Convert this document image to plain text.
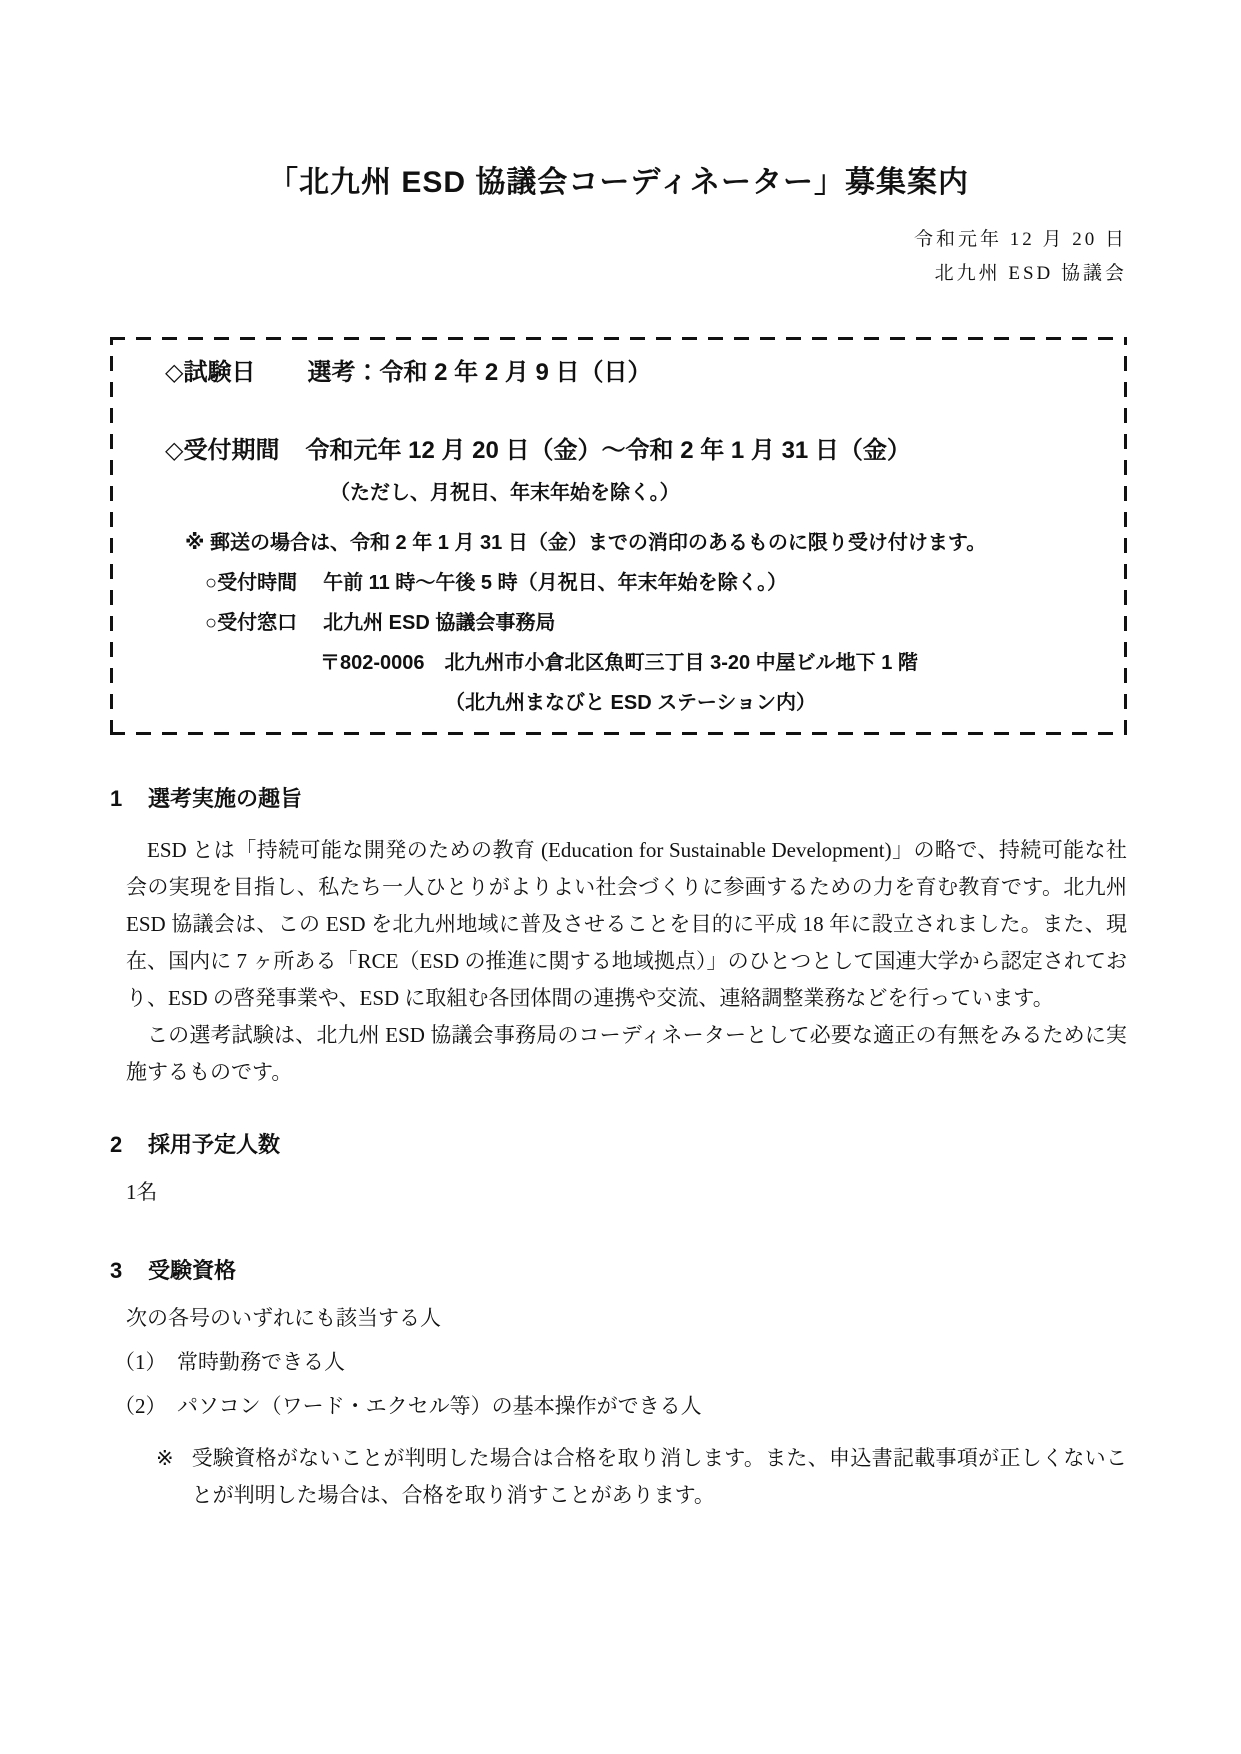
「北九州 ESD 協議会コーディネーター」募集案内
令和元年 12 月 20 日
北九州 ESD 協議会
◇試験日 選考：令和 2 年 2 月 9 日（日）
◇受付期間 令和元年 12 月 20 日（金）～令和 2 年 1 月 31 日（金）
（ただし、月祝日、年末年始を除く。）
※ 郵送の場合は、令和 2 年 1 月 31 日（金）までの消印のあるものに限り受け付けます。
○受付時間 午前 11 時～午後 5 時（月祝日、年末年始を除く。）
○受付窓口 北九州 ESD 協議会事務局
〒802-0006　北九州市小倉北区魚町三丁目 3-20 中屋ビル地下 1 階
（北九州まなびと ESD ステーション内）
1 選考実施の趣旨

ESD とは「持続可能な開発のための教育 (Education for Sustainable Development)」の略で、持続可能な社会の実現を目指し、私たち一人ひとりがよりよい社会づくりに参画するための力を育む教育です。北九州 ESD 協議会は、この ESD を北九州地域に普及させることを目的に平成 18 年に設立されました。また、現在、国内に 7 ヶ所ある「RCE（ESD の推進に関する地域拠点）」のひとつとして国連大学から認定されており、ESD の啓発事業や、ESD に取組む各団体間の連携や交流、連絡調整業務などを行っています。

この選考試験は、北九州 ESD 協議会事務局のコーディネーターとして必要な適正の有無をみるために実施するものです。

2 採用予定人数
1名
3 受験資格
次の各号のいずれにも該当する人
（1）　常時勤務できる人
（2）　パソコン（ワード・エクセル等）の基本操作ができる人
※ 受験資格がないことが判明した場合は合格を取り消します。また、申込書記載事項が正しくないことが判明した場合は、合格を取り消すことがあります。
